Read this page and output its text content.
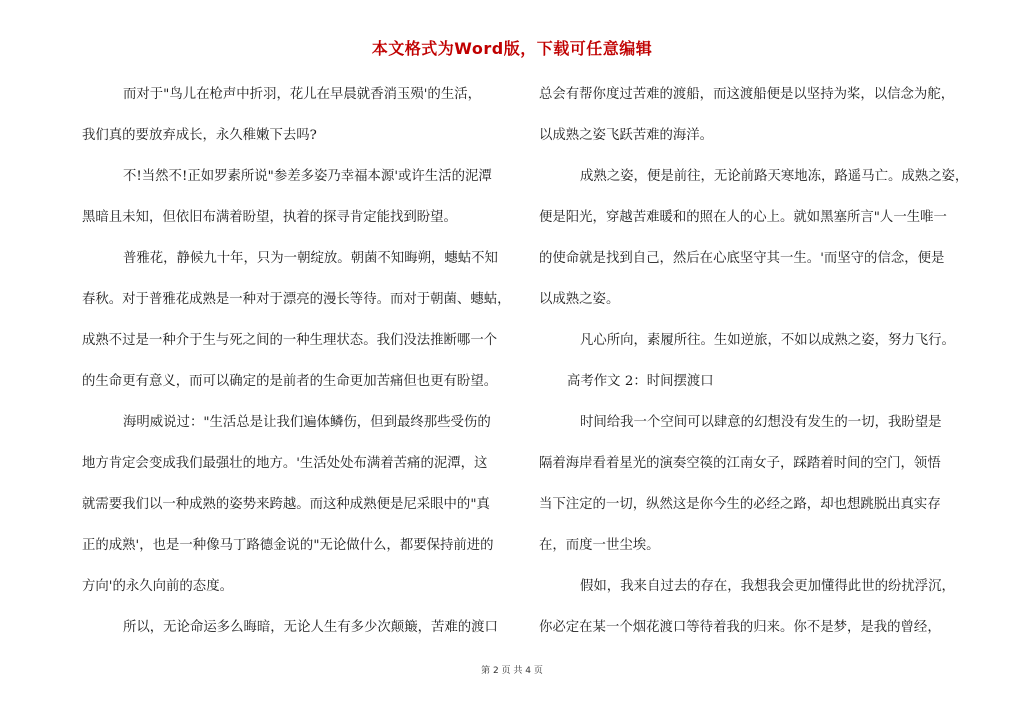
本文格式为Word版，下载可任意编辑
而对于"鸟儿在枪声中折羽，花儿在早晨就香消玉殒'的生活，
我们真的要放弃成长，永久稚嫩下去吗?
不!当然不!正如罗素所说"参差多姿乃幸福本源'或许生活的泥潭
黑暗且未知，但依旧布满着盼望，执着的探寻肯定能找到盼望。
普雅花，静候九十年，只为一朝绽放。朝菌不知晦朔，蟪蛄不知
春秋。对于普雅花成熟是一种对于漂亮的漫长等待。而对于朝菌、蟪蛄，
成熟不过是一种介于生与死之间的一种生理状态。我们没法推断哪一个
的生命更有意义，而可以确定的是前者的生命更加苦痛但也更有盼望。
海明威说过："生活总是让我们遍体鳞伤，但到最终那些受伤的
地方肯定会变成我们最强壮的地方。'生活处处布满着苦痛的泥潭，这
就需要我们以一种成熟的姿势来跨越。而这种成熟便是尼采眼中的"真
正的成熟'，也是一种像马丁路德金说的"无论做什么，都要保持前进的
方向'的永久向前的态度。
所以，无论命运多么晦暗，无论人生有多少次颠簸，苦难的渡口
总会有帮你度过苦难的渡船，而这渡船便是以坚持为桨，以信念为舵，
以成熟之姿飞跃苦难的海洋。
成熟之姿，便是前往，无论前路天寒地冻，路遥马亡。成熟之姿，
便是阳光，穿越苦难暖和的照在人的心上。就如黑塞所言"人一生唯一
的使命就是找到自己，然后在心底坚守其一生。'而坚守的信念，便是
以成熟之姿。
凡心所向，素履所往。生如逆旅，不如以成熟之姿，努力飞行。
高考作文 2：时间摆渡口
时间给我一个空间可以肆意的幻想没有发生的一切，我盼望是
隔着海岸看着星光的演奏空篌的江南女子，踩踏着时间的空门，领悟
当下注定的一切，纵然这是你今生的必经之路，却也想跳脱出真实存
在，而度一世尘埃。
假如，我来自过去的存在，我想我会更加懂得此世的纷扰浮沉，
你必定在某一个烟花渡口等待着我的归来。你不是梦，是我的曾经，
第 2 页 共 4 页
